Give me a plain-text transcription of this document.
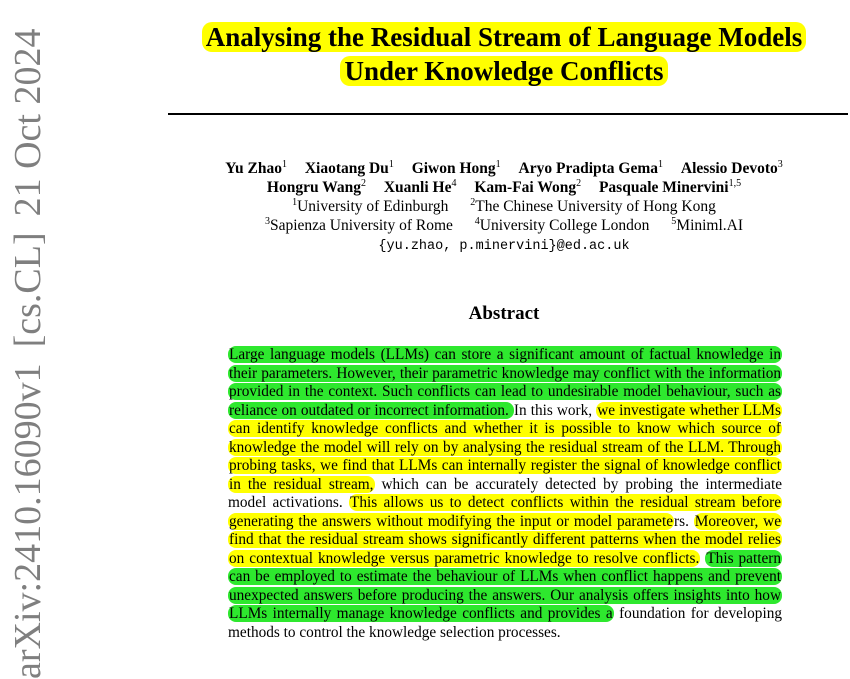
arXiv:2410.16090v1[cs.CL]21 Oct 2024	Analysing the Residual Stream of Language Models
Under Knowledge Conflicts
Yu Zhao$^1$ Xiaotang Du$^1$ Giwon Hong$^1$ Aryo Pradipta Gema$^1$ Alessio Devoto$^3$
Hongru Wang$^2$ Xuanli He$^4$ Kam-Fai Wong$^2$ Pasquale Minervini$^{1,5}$
$^1$University of Edinburgh $^2$The Chinese University of Hong Kong
$^3$Sapienza University of Rome $^4$University College London $^5$Miniml.AI
{yu.zhao, p.minervini}@ed.ac.uk
Abstract
Large language models (LLMs) can store a significant amount of factual knowledge in their parameters. However, their parametric knowledge may conflict with the information provided in the context. Such conflicts can lead to undesirable model behaviour, such as reliance on outdated or incorrect information. In this work, we investigate whether LLMs can identify knowledge conflicts and whether it is possible to know which source of knowledge the model will rely on by analysing the residual stream of the LLM. Through probing tasks, we find that LLMs can internally register the signal of knowledge conflict in the residual stream, which can be accurately detected by probing the intermediate model activations. This allows us to detect conflicts within the residual stream before generating the answers without modifying the input or model parameters. Moreover, we find that the residual stream shows significantly different patterns when the model relies on contextual knowledge versus parametric knowledge to resolve conflicts. This pattern can be employed to estimate the behaviour of LLMs when conflict happens and prevent unexpected answers before producing the answers. Our analysis offers insights into how LLMs internally manage knowledge conflicts and provides a foundation for developing methods to control the knowledge selection processes.
